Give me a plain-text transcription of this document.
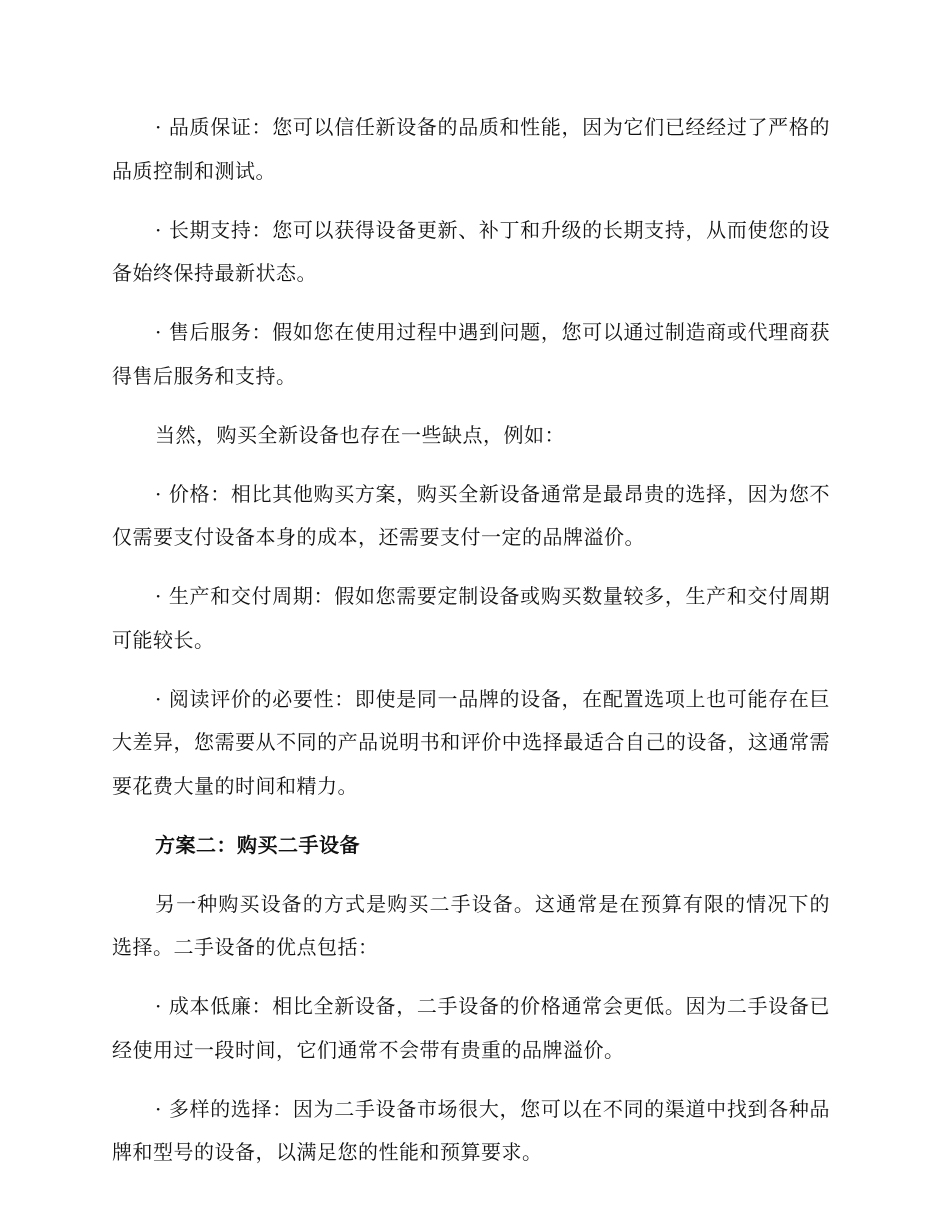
· 品质保证：您可以信任新设备的品质和性能，因为它们已经经过了严格的品质控制和测试。

· 长期支持：您可以获得设备更新、补丁和升级的长期支持，从而使您的设备始终保持最新状态。

· 售后服务：假如您在使用过程中遇到问题，您可以通过制造商或代理商获得售后服务和支持。

当然，购买全新设备也存在一些缺点，例如：

· 价格：相比其他购买方案，购买全新设备通常是最昂贵的选择，因为您不仅需要支付设备本身的成本，还需要支付一定的品牌溢价。

· 生产和交付周期：假如您需要定制设备或购买数量较多，生产和交付周期可能较长。

· 阅读评价的必要性：即使是同一品牌的设备，在配置选项上也可能存在巨大差异，您需要从不同的产品说明书和评价中选择最适合自己的设备，这通常需要花费大量的时间和精力。

方案二：购买二手设备

另一种购买设备的方式是购买二手设备。这通常是在预算有限的情况下的选择。二手设备的优点包括：

· 成本低廉：相比全新设备，二手设备的价格通常会更低。因为二手设备已经使用过一段时间，它们通常不会带有贵重的品牌溢价。

· 多样的选择：因为二手设备市场很大，您可以在不同的渠道中找到各种品牌和型号的设备，以满足您的性能和预算要求。
